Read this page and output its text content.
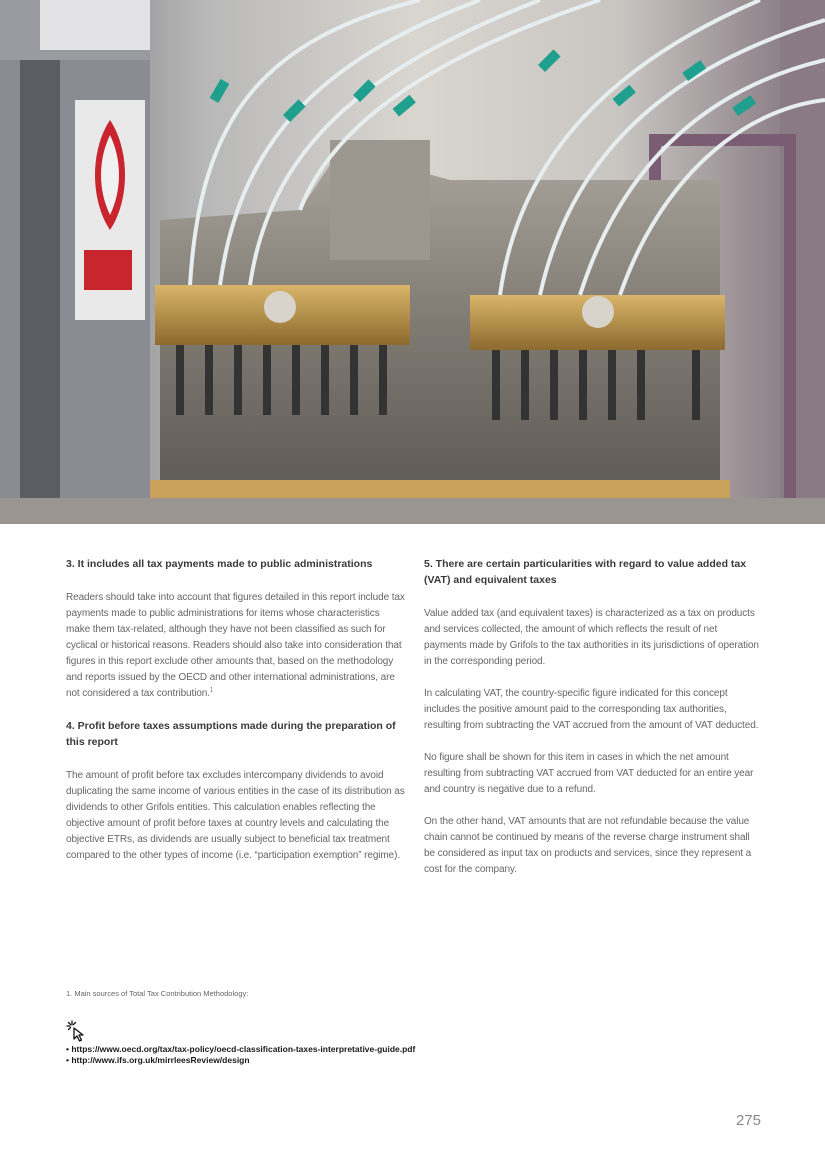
3. It includes all tax payments made to public administrations

Readers should take into account that figures detailed in this report include tax payments made to public administrations for items whose characteristics make them tax-related, although they have not been classified as such for cyclical or historical reasons. Readers should also take into consideration that figures in this report exclude other amounts that, based on the methodology and reports issued by the OECD and other international administrations, are not considered a tax contribution.$^1$

4. Profit before taxes assumptions made during the preparation of this report

The amount of profit before tax excludes intercompany dividends to avoid duplicating the same income of various entities in the case of its distribution as dividends to other Grifols entities. This calculation enables reflecting the objective amount of profit before taxes at country levels and calculating the objective ETRs, as dividends are usually subject to beneficial tax treatment compared to the other types of income (i.e. “participation exemption” regime).

5. There are certain particularities with regard to value added tax (VAT) and equivalent taxes

Value added tax (and equivalent taxes) is characterized as a tax on products and services collected, the amount of which reflects the result of net payments made by Grifols to the tax authorities in its jurisdictions of operation in the corresponding period.

In calculating VAT, the country-specific figure indicated for this concept includes the positive amount paid to the corresponding tax authorities, resulting from subtracting the VAT accrued from the amount of VAT deducted.

No figure shall be shown for this item in cases in which the net amount resulting from subtracting VAT accrued from VAT deducted for an entire year and country is negative due to a refund.

On the other hand, VAT amounts that are not refundable because the value chain cannot be continued by means of the reverse charge instrument shall be considered as input tax on products and services, since they represent a cost for the company.

1. Main sources of Total Tax Contribution Methodology:
• https://www.oecd.org/tax/tax-policy/oecd-classification-taxes-interpretative-guide.pdf
• http://www.ifs.org.uk/mirrleesReview/design
275
